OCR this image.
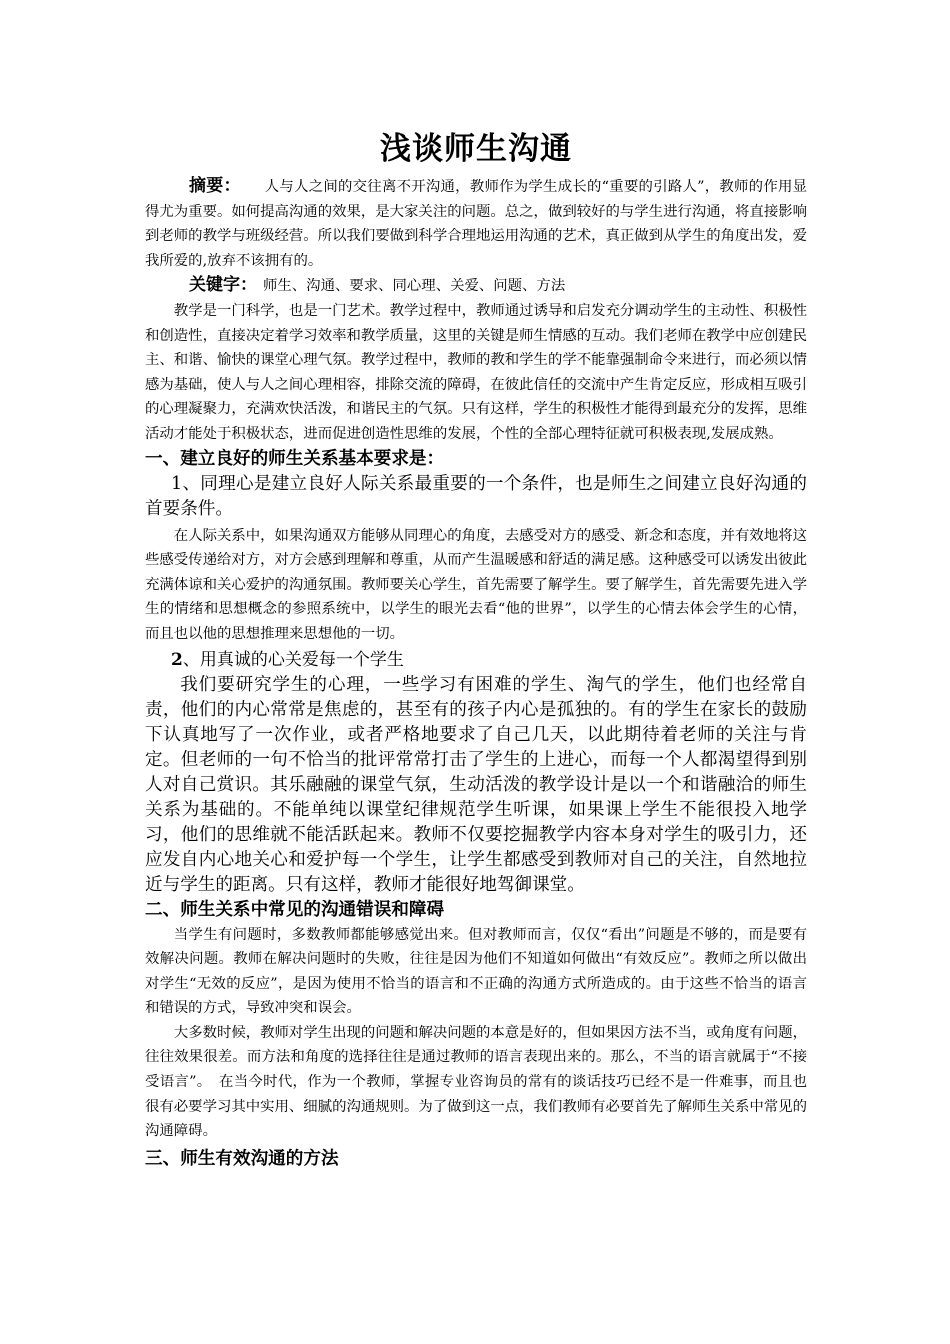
浅谈师生沟通

摘要： 人与人之间的交往离不开沟通，教师作为学生成长的“重要的引路人”，教师的作用显得尤为重要。如何提高沟通的效果，是大家关注的问题。总之，做到较好的与学生进行沟通，将直接影响到老师的教学与班级经营。所以我们要做到科学合理地运用沟通的艺术，真正做到从学生的角度出发，爱我所爱的,放弃不该拥有的。

关键字： 师生、沟通、要求、同心理、关爱、问题、方法

教学是一门科学，也是一门艺术。教学过程中，教师通过诱导和启发充分调动学生的主动性、积极性和创造性，直接决定着学习效率和教学质量，这里的关键是师生情感的互动。我们老师在教学中应创建民主、和谐、愉快的课堂心理气氛。教学过程中，教师的教和学生的学不能靠强制命令来进行，而必须以情感为基础，使人与人之间心理相容，排除交流的障碍，在彼此信任的交流中产生肯定反应，形成相互吸引的心理凝聚力，充满欢快活泼，和谐民主的气氛。只有这样，学生的积极性才能得到最充分的发挥，思维活动才能处于积极状态，进而促进创造性思维的发展，个性的全部心理特征就可积极表现,发展成熟。

一、建立良好的师生关系基本要求是：

1、同理心是建立良好人际关系最重要的一个条件，也是师生之间建立良好沟通的首要条件。

在人际关系中，如果沟通双方能够从同理心的角度，去感受对方的感受、新念和态度，并有效地将这些感受传递给对方，对方会感到理解和尊重，从而产生温暖感和舒适的满足感。这种感受可以诱发出彼此充满体谅和关心爱护的沟通氛围。教师要关心学生，首先需要了解学生。要了解学生，首先需要先进入学生的情绪和思想概念的参照系统中，以学生的眼光去看“他的世界”，以学生的心情去体会学生的心情，而且也以他的思想推理来思想他的一切。

2、用真诚的心关爱每一个学生

我们要研究学生的心理，一些学习有困难的学生、淘气的学生，他们也经常自责，他们的内心常常是焦虑的，甚至有的孩子内心是孤独的。有的学生在家长的鼓励下认真地写了一次作业，或者严格地要求了自己几天，以此期待着老师的关注与肯定。但老师的一句不恰当的批评常常打击了学生的上进心，而每一个人都渴望得到别人对自己赏识。其乐融融的课堂气氛，生动活泼的教学设计是以一个和谐融洽的师生关系为基础的。不能单纯以课堂纪律规范学生听课，如果课上学生不能很投入地学习，他们的思维就不能活跃起来。教师不仅要挖掘教学内容本身对学生的吸引力，还应发自内心地关心和爱护每一个学生，让学生都感受到教师对自己的关注，自然地拉近与学生的距离。只有这样，教师才能很好地驾御课堂。

二、师生关系中常见的沟通错误和障碍

当学生有问题时，多数教师都能够感觉出来。但对教师而言，仅仅“看出”问题是不够的，而是要有效解决问题。教师在解决问题时的失败，往往是因为他们不知道如何做出“有效反应”。教师之所以做出对学生“无效的反应”，是因为使用不恰当的语言和不正确的沟通方式所造成的。由于这些不恰当的语言和错误的方式，导致冲突和误会。

大多数时候，教师对学生出现的问题和解决问题的本意是好的，但如果因方法不当，或角度有问题，往往效果很差。而方法和角度的选择往往是通过教师的语言表现出来的。那么，不当的语言就属于“不接受语言”。　在当今时代，作为一个教师，掌握专业咨询员的常有的谈话技巧已经不是一件难事，而且也很有必要学习其中实用、细腻的沟通规则。为了做到这一点，我们教师有必要首先了解师生关系中常见的沟通障碍。

三、师生有效沟通的方法
